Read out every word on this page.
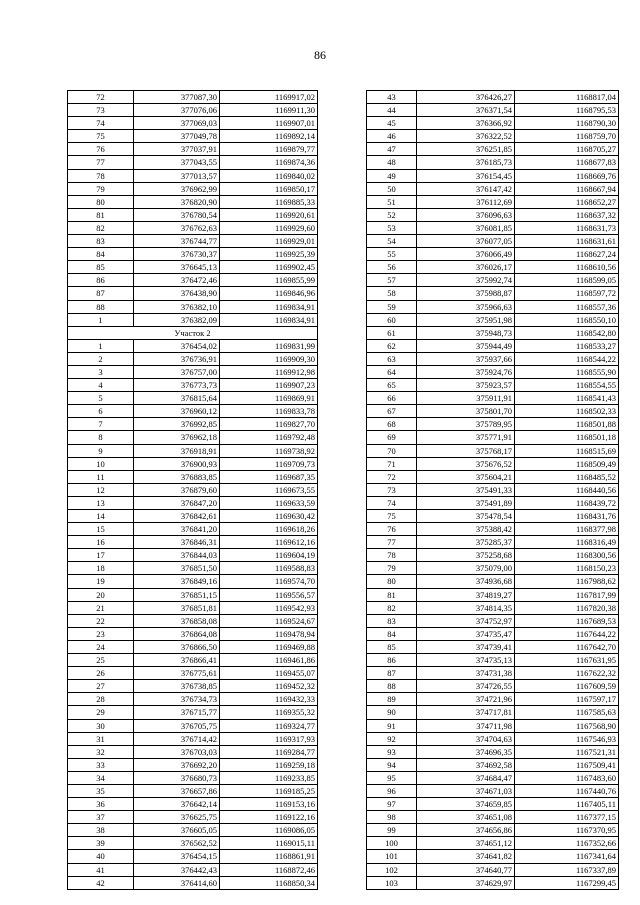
86
72	377087,30	1169917,02
73	377076,06	1169911,30
74	377069,03	1169907,01
75	377049,78	1169892,14
76	377037,91	1169879,77
77	377043,55	1169874,36
78	377013,57	1169840,02
79	376962,99	1169850,17
80	376820,90	1169885,33
81	376780,54	1169920,61
82	376762,63	1169929,60
83	376744,77	1169929,01
84	376730,37	1169925,39
85	376645,13	1169902,45
86	376472,46	1169855,99
87	376438,90	1169846,96
88	376382,10	1169834,91
1	376382,09	1169834,91
Участок 2		
1	376454,02	1169831,99
2	376736,91	1169909,30
3	376757,00	1169912,98
4	376773,73	1169907,23
5	376815,64	1169869,91
6	376960,12	1169833,78
7	376992,85	1169827,70
8	376962,18	1169792,48
9	376918,91	1169738,92
10	376900,93	1169709,73
11	376883,85	1169687,35
12	376879,60	1169673,55
13	376847,20	1169633,59
14	376842,61	1169630,42
15	376841,20	1169618,26
16	376846,31	1169612,16
17	376844,03	1169604,19
18	376851,50	1169588,83
19	376849,16	1169574,70
20	376851,15	1169556,57
21	376851,81	1169542,93
22	376858,08	1169524,67
23	376864,08	1169478,94
24	376866,50	1169469,88
25	376866,41	1169461,86
26	376775,61	1169455,07
27	376738,85	1169452,32
28	376734,73	1169432,33
29	376715,77	1169355,32
30	376705,75	1169324,77
31	376714,42	1169317,93
32	376703,03	1169284,77
33	376692,20	1169259,18
34	376680,73	1169233,85
35	376657,86	1169185,25
36	376642,14	1169153,16
37	376625,75	1169122,16
38	376605,05	1169086,05
39	376562,52	1169015,11
40	376454,15	1168861,91
41	376442,43	1168872,46
42	376414,60	1168850,34
43	376426,27	1168817,04
44	376371,54	1168795,53
45	376366,92	1168790,30
46	376322,52	1168759,70
47	376251,85	1168705,27
48	376185,73	1168677,83
49	376154,45	1168669,76
50	376147,42	1168667,94
51	376112,69	1168652,27
52	376096,63	1168637,32
53	376081,85	1168631,73
54	376077,05	1168631,61
55	376066,49	1168627,24
56	376026,17	1168610,56
57	375992,74	1168599,05
58	375988,87	1168597,72
59	375966,63	1168557,36
60	375951,98	1168550,10
61	375948,73	1168542,80
62	375944,49	1168533,27
63	375937,66	1168544,22
64	375924,76	1168555,90
65	375923,57	1168554,55
66	375911,91	1168541,43
67	375801,70	1168502,33
68	375789,95	1168501,88
69	375771,91	1168501,18
70	375768,17	1168515,69
71	375676,52	1168509,49
72	375604,21	1168485,52
73	375491,33	1168440,56
74	375491,89	1168439,72
75	375478,54	1168431,76
76	375388,42	1168377,98
77	375285,37	1168316,49
78	375258,68	1168300,56
79	375079,00	1168150,23
80	374936,68	1167988,62
81	374819,27	1167817,99
82	374814,35	1167820,38
83	374752,97	1167689,53
84	374735,47	1167644,22
85	374739,41	1167642,70
86	374735,13	1167631,95
87	374731,38	1167622,32
88	374726,55	1167609,59
89	374721,96	1167597,17
90	374717,81	1167585,63
91	374711,98	1167568,90
92	374704,63	1167546,93
93	374696,35	1167521,31
94	374692,58	1167509,41
95	374684,47	1167483,60
96	374671,03	1167440,76
97	374659,85	1167405,11
98	374651,08	1167377,15
99	374656,86	1167370,95
100	374651,12	1167352,66
101	374641,82	1167341,64
102	374640,77	1167337,89
103	374629,97	1167299,45
